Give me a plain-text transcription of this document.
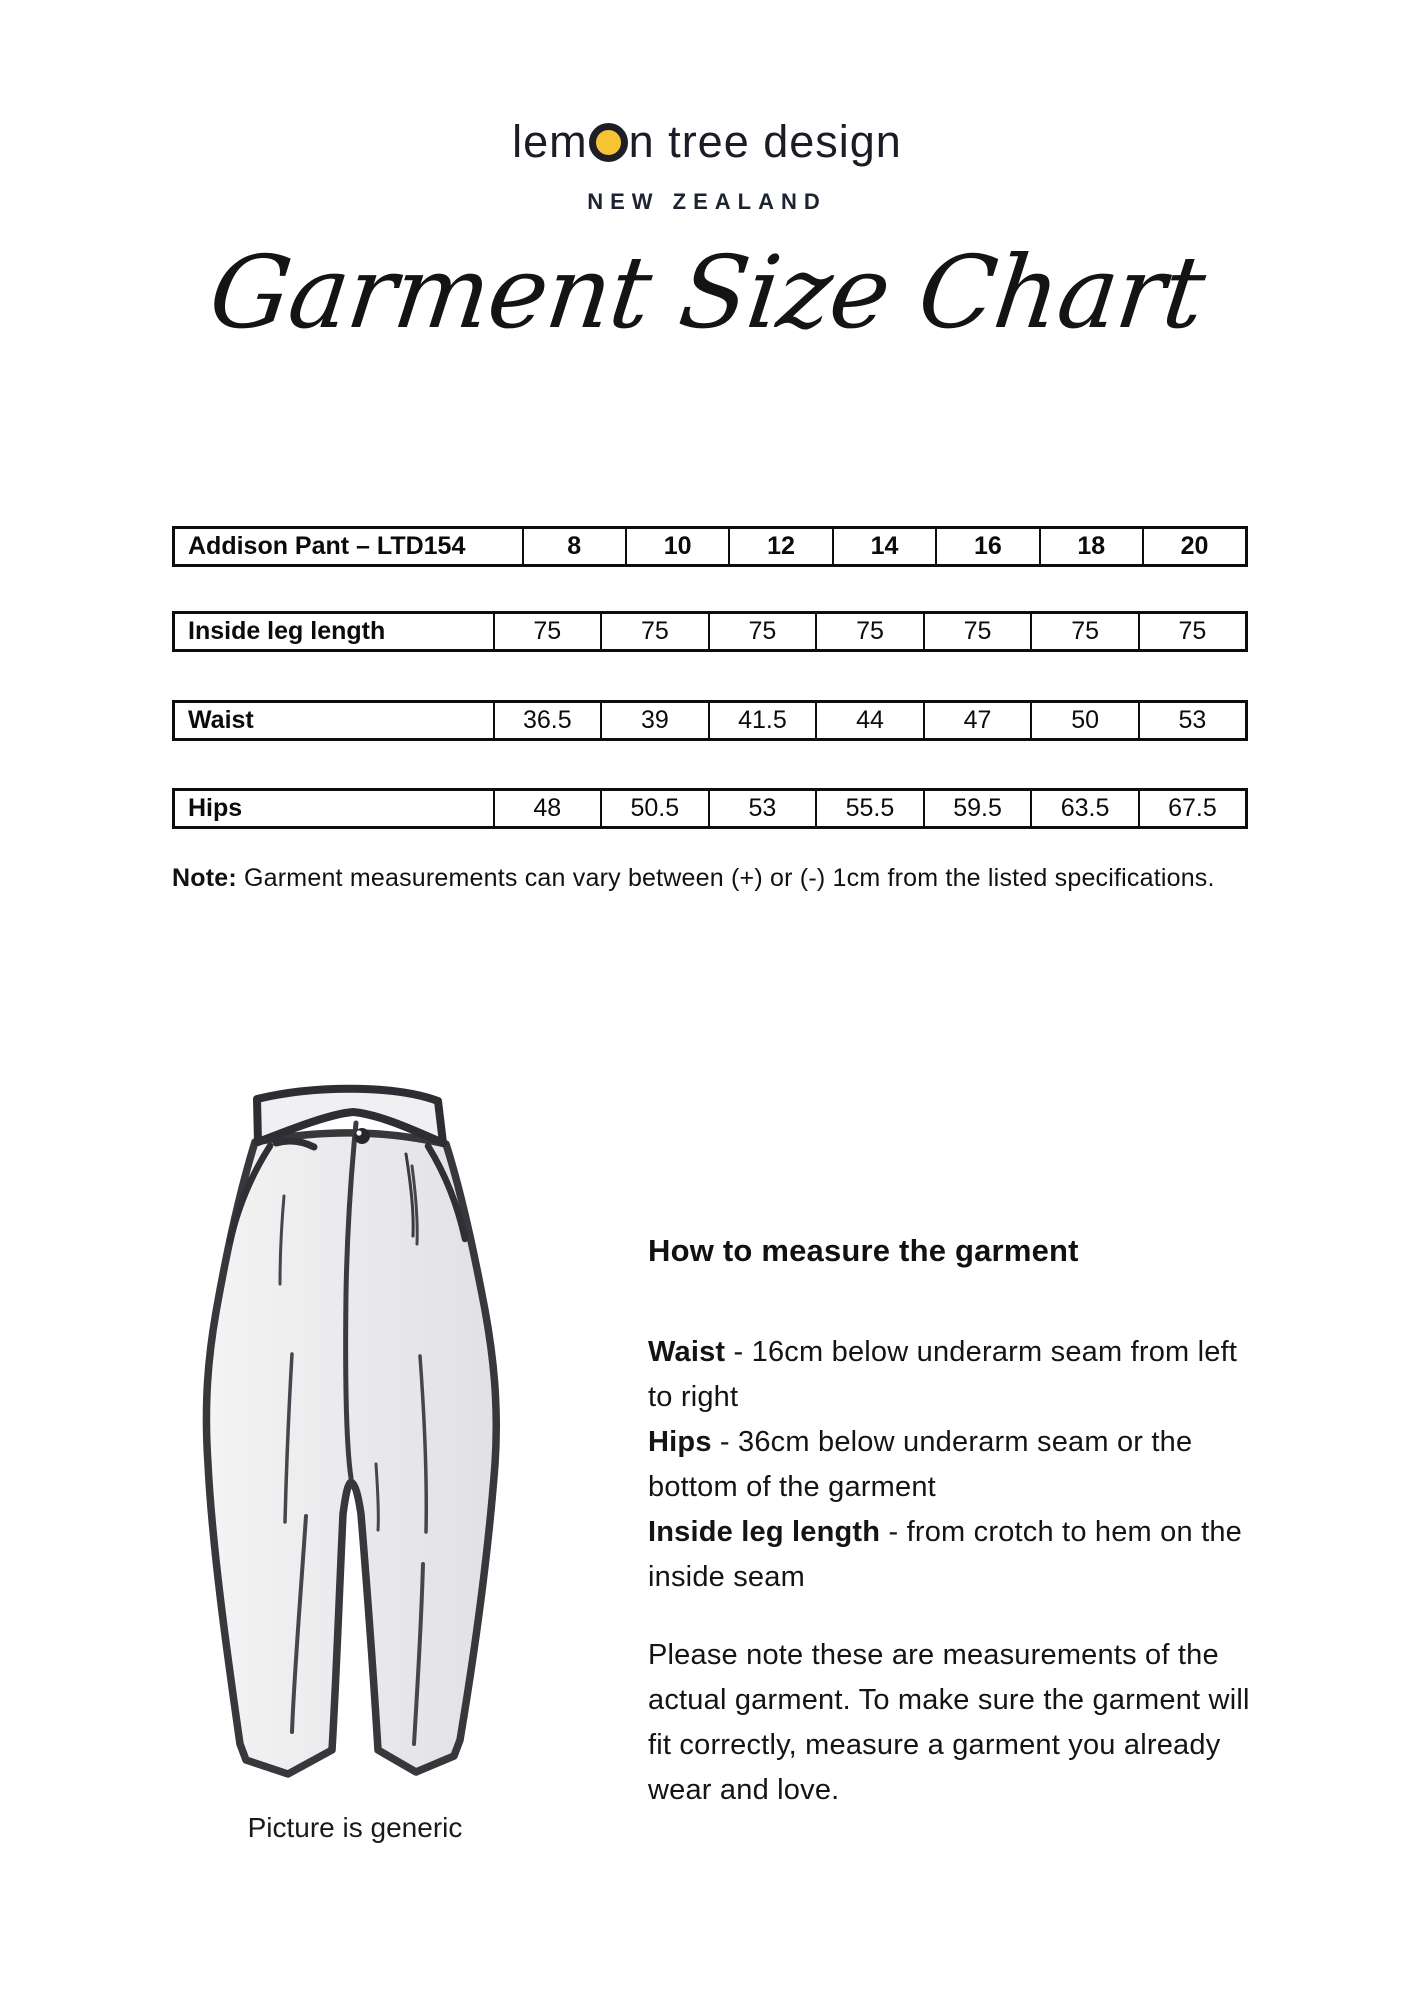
lem n tree design
NEW ZEALAND
Garment Size Chart
Addison Pant – LTD154	8	10	12	14	16	18	20
Inside leg length	75	75	75	75	75	75	75
Waist	36.5	39	41.5	44	47	50	53
Hips	48	50.5	53	55.5	59.5	63.5	67.5
Note: Garment measurements can vary between (+) or (-) 1cm from the listed specifications.
Picture is generic
How to measure the garment

Waist - 16cm below underarm seam from left to right

Hips - 36cm below underarm seam or the bottom of the garment

Inside leg length - from crotch to hem on the inside seam

Please note these are measurements of the actual garment. To make sure the garment will fit correctly, measure a garment you already wear and love.
